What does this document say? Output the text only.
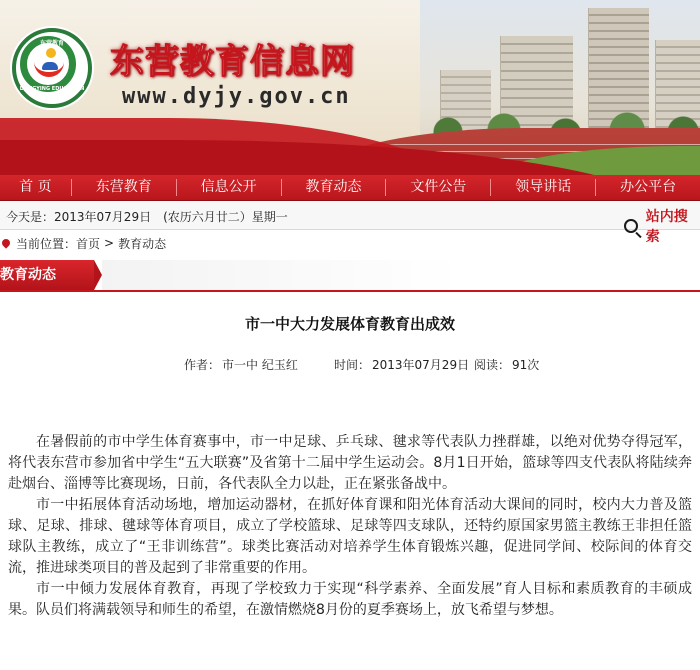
东营教育
DONGYING EDUCATION
东营教育信息网
www.dyjy.gov.cn
首 页	东营教育	信息公开	教育动态	文件公告	领导讲话	办公平台
今天是：2013年07月29日　(农历六月廿二）星期一	站内搜索
当前位置： 首页 > 教育动态
教育动态
市一中大力发展体育教育出成效
作者： 市一中 纪玉红	时间： 2013年07月29日 阅读： 91次

在暑假前的市中学生体育赛事中，市一中足球、乒乓球、毽求等代表队力挫群雄，以绝对优势夺得冠军，将代表东营市参加省中学生“五大联赛”及省第十二届中学生运动会。8月1日开始，篮球等四支代表队将陆续奔赴烟台、淄博等比赛现场，日前，各代表队全力以赴，正在紧张备战中。

市一中拓展体育活动场地，增加运动器材，在抓好体育课和阳光体育活动大课间的同时，校内大力普及篮球、足球、排球、毽球等体育项目，成立了学校篮球、足球等四支球队，还特约原国家男篮主教练王非担任篮球队主教练，成立了“王非训练营”。球类比赛活动对培养学生体育锻炼兴趣，促进同学间、校际间的体育交流，推进球类项目的普及起到了非常重要的作用。

市一中倾力发展体育教育，再现了学校致力于实现“科学素养、全面发展”育人目标和素质教育的丰硕成果。队员们将满载领导和师生的希望，在激情燃烧8月份的夏季赛场上，放飞希望与梦想。
